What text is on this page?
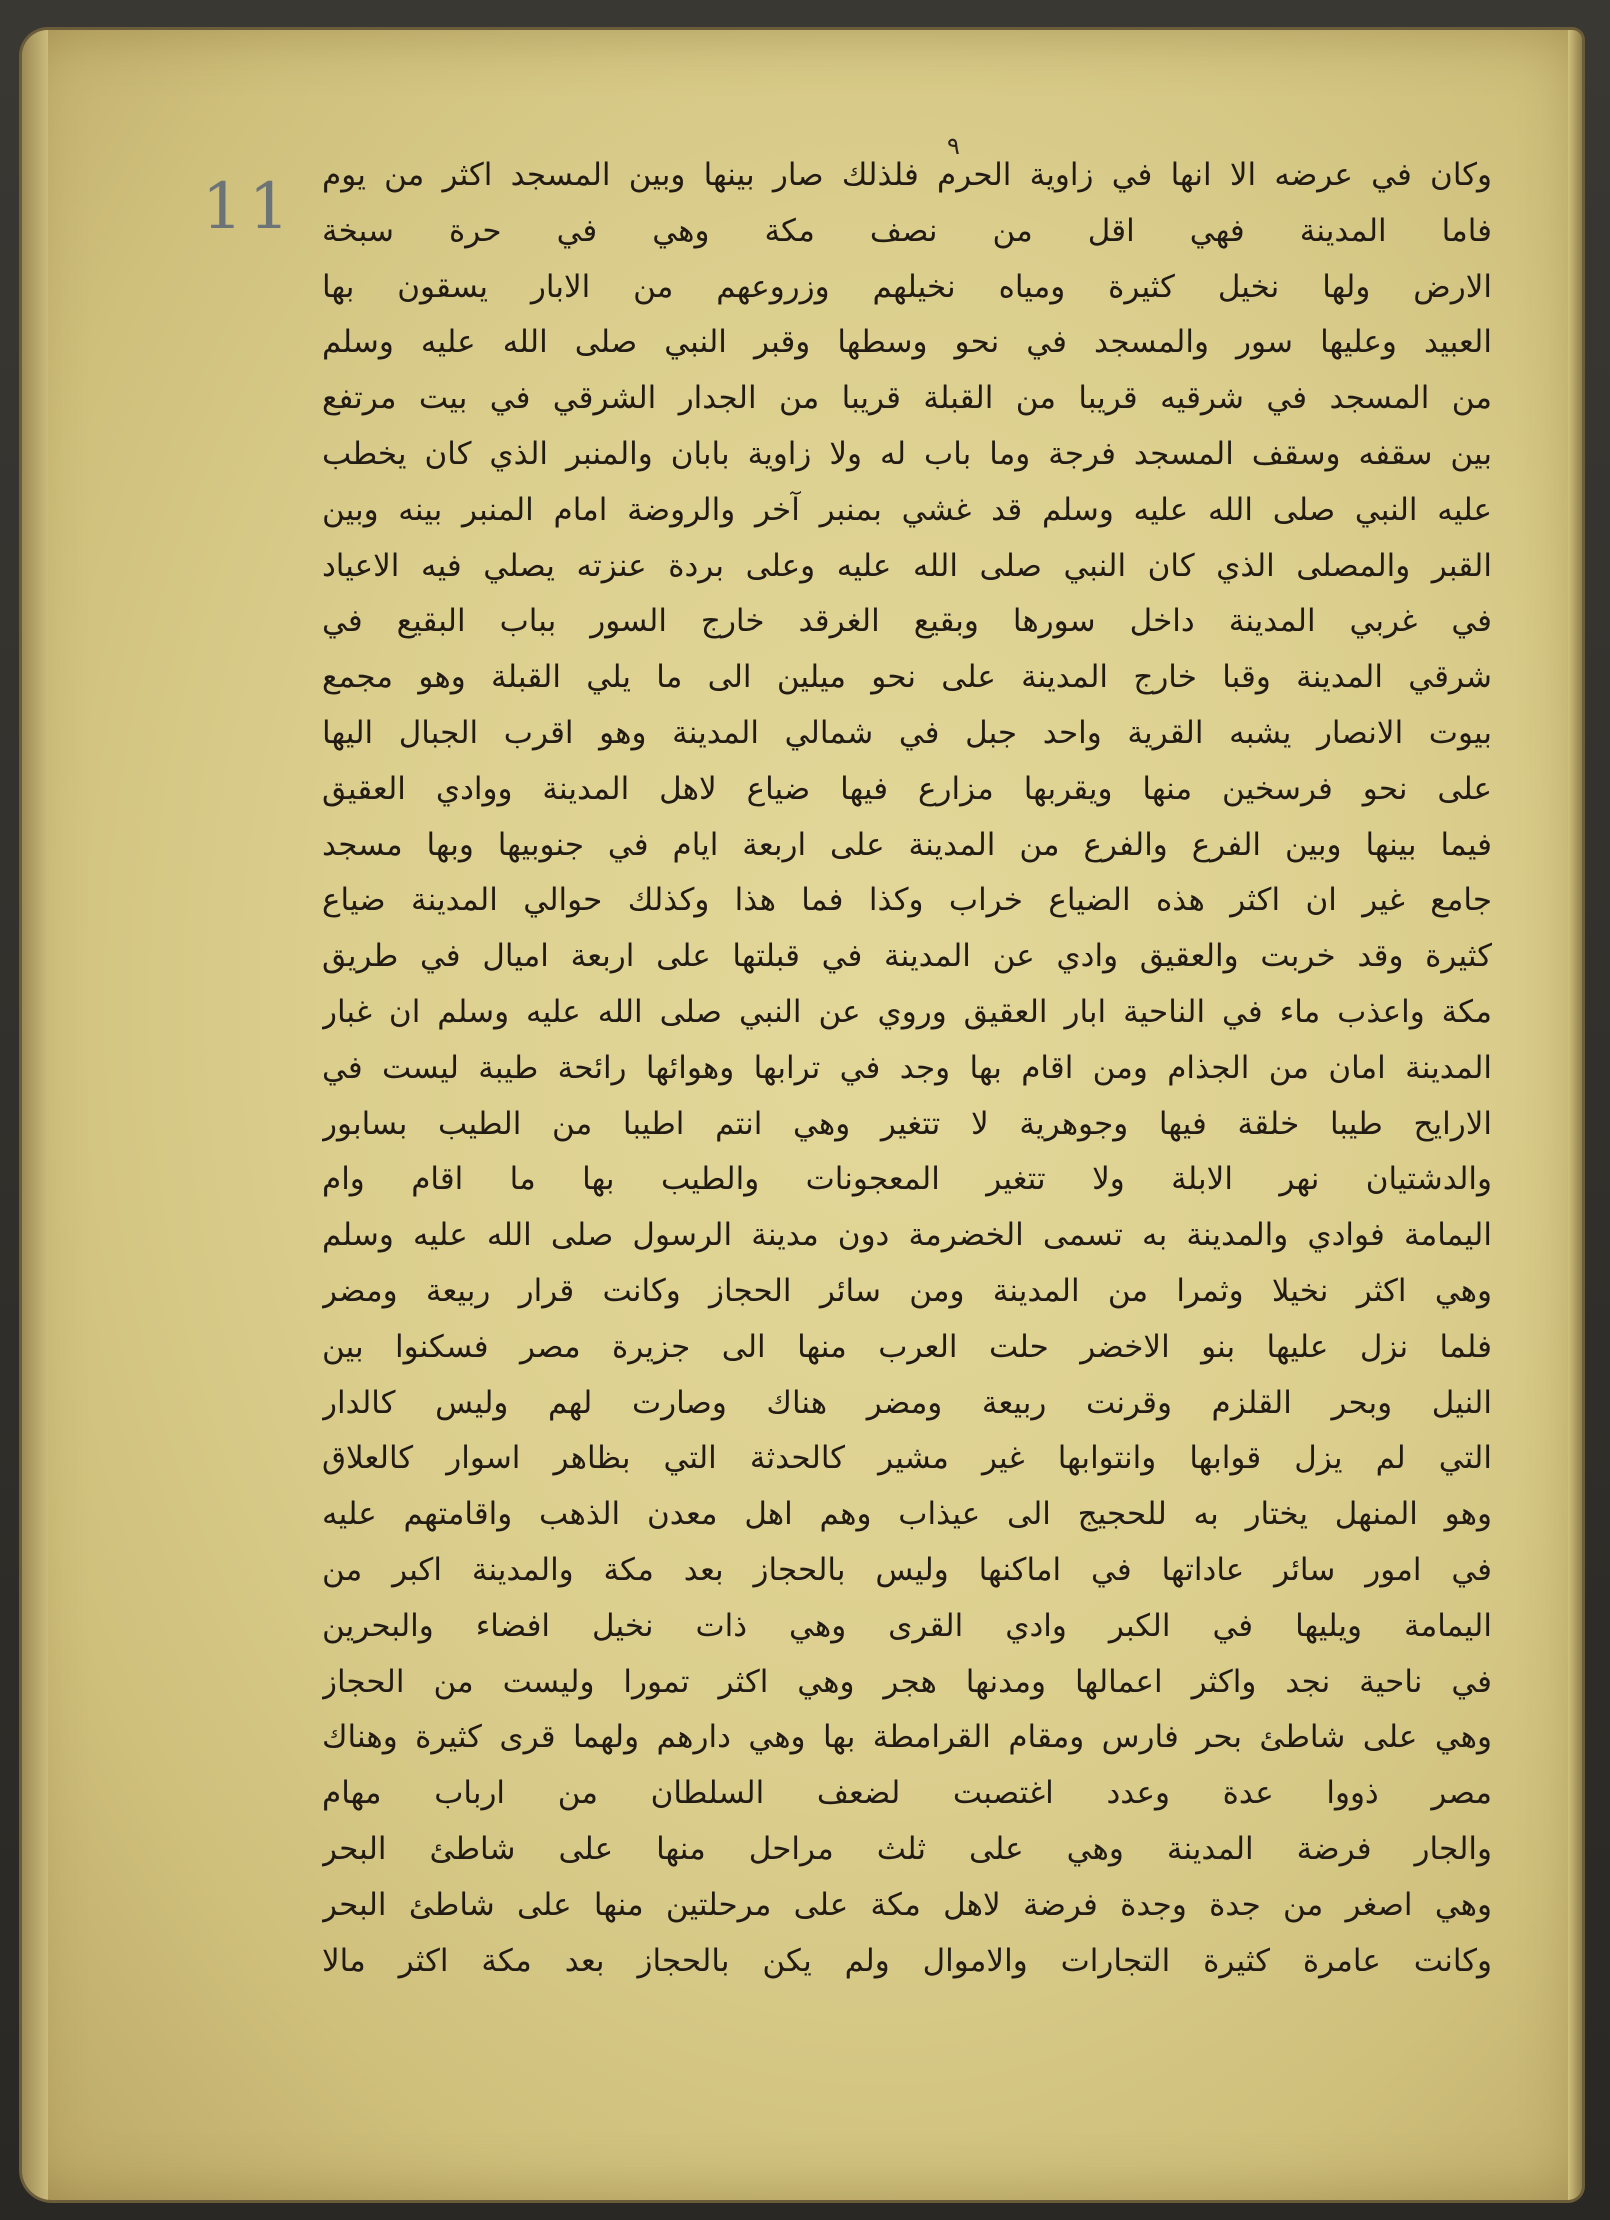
11
٩
وكان في عرضه الا انها في زاوية الحرم فلذلك صار بينها وبين المسجد اكثر من يوم
فاما المدينة فهي اقل من نصف مكة وهي في حرة سبخة
الارض ولها نخيل كثيرة ومياه نخيلهم وزروعهم من الابار يسقون بها
العبيد وعليها سور والمسجد في نحو وسطها وقبر النبي صلى الله عليه وسلم
من المسجد في شرقيه قريبا من القبلة قريبا من الجدار الشرقي في بيت مرتفع
بين سقفه وسقف المسجد فرجة وما باب له ولا زاوية بابان والمنبر الذي كان يخطب
عليه النبي صلى الله عليه وسلم قد غشي بمنبر آخر والروضة امام المنبر بينه وبين
القبر والمصلى الذي كان النبي صلى الله عليه وعلى بردة عنزته يصلي فيه الاعياد
في غربي المدينة داخل سورها وبقيع الغرقد خارج السور بباب البقيع في
شرقي المدينة وقبا خارج المدينة على نحو ميلين الى ما يلي القبلة وهو مجمع
بيوت الانصار يشبه القرية واحد جبل في شمالي المدينة وهو اقرب الجبال اليها
على نحو فرسخين منها ويقربها مزارع فيها ضياع لاهل المدينة ووادي العقيق
فيما بينها وبين الفرع والفرع من المدينة على اربعة ايام في جنوبيها وبها مسجد
جامع غير ان اكثر هذه الضياع خراب وكذا فما هذا وكذلك حوالي المدينة ضياع
كثيرة وقد خربت والعقيق وادي عن المدينة في قبلتها على اربعة اميال في طريق
مكة واعذب ماء في الناحية ابار العقيق وروي عن النبي صلى الله عليه وسلم ان غبار
المدينة امان من الجذام ومن اقام بها وجد في ترابها وهوائها رائحة طيبة ليست في
الارايح طيبا خلقة فيها وجوهرية لا تتغير وهي انتم اطيبا من الطيب بسابور
والدشتيان نهر الابلة ولا تتغير المعجونات والطيب بها ما اقام وام
اليمامة فوادي والمدينة به تسمى الخضرمة دون مدينة الرسول صلى الله عليه وسلم
وهي اكثر نخيلا وثمرا من المدينة ومن سائر الحجاز وكانت قرار ربيعة ومضر
فلما نزل عليها بنو الاخضر حلت العرب منها الى جزيرة مصر فسكنوا بين
النيل وبحر القلزم وقرنت ربيعة ومضر هناك وصارت لهم وليس كالدار
التي لم يزل قوابها وانتوابها غير مشير كالحدثة التي بظاهر اسوار كالعلاق
وهو المنهل يختار به للحجيج الى عيذاب وهم اهل معدن الذهب واقامتهم عليه
في امور سائر عاداتها في اماكنها وليس بالحجاز بعد مكة والمدينة اكبر من
اليمامة ويليها في الكبر وادي القرى وهي ذات نخيل افضاء والبحرين
في ناحية نجد واكثر اعمالها ومدنها هجر وهي اكثر تمورا وليست من الحجاز
وهي على شاطئ بحر فارس ومقام القرامطة بها وهي دارهم ولهما قرى كثيرة وهناك
مصر ذووا عدة وعدد اغتصبت لضعف السلطان من ارباب مهام
والجار فرضة المدينة وهي على ثلث مراحل منها على شاطئ البحر
وهي اصغر من جدة وجدة فرضة لاهل مكة على مرحلتين منها على شاطئ البحر
وكانت عامرة كثيرة التجارات والاموال ولم يكن بالحجاز بعد مكة اكثر مالا
